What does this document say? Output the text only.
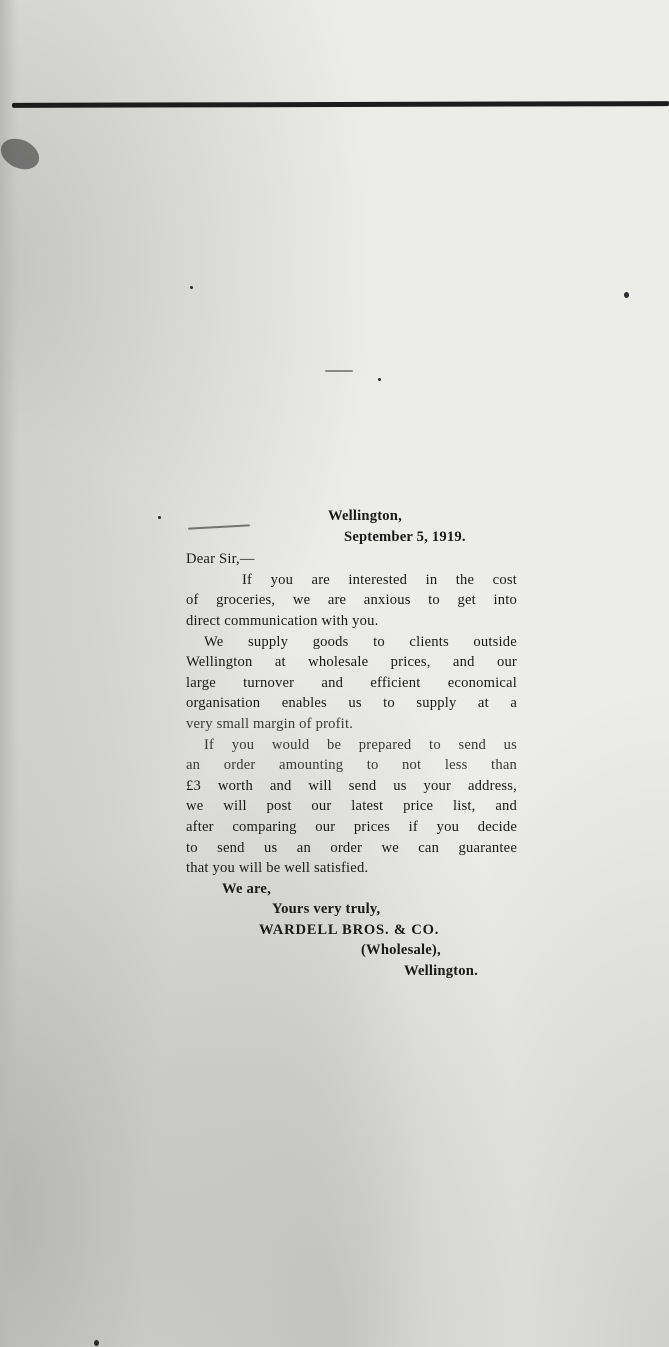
Wellington,
September 5, 1919.
Dear Sir,—
If you are interested in the cost
of groceries, we are anxious to get into
direct communication with you.
We supply goods to clients outside
Wellington at wholesale prices, and our
large turnover and efficient economical
organisation enables us to supply at a
very small margin of profit.
If you would be prepared to send us
an order amounting to not less than
£3 worth and will send us your address,
we will post our latest price list, and
after comparing our prices if you decide
to send us an order we can guarantee
that you will be well satisfied.
We are,
Yours very truly,
WARDELL BROS. & CO.
(Wholesale),
Wellington.
